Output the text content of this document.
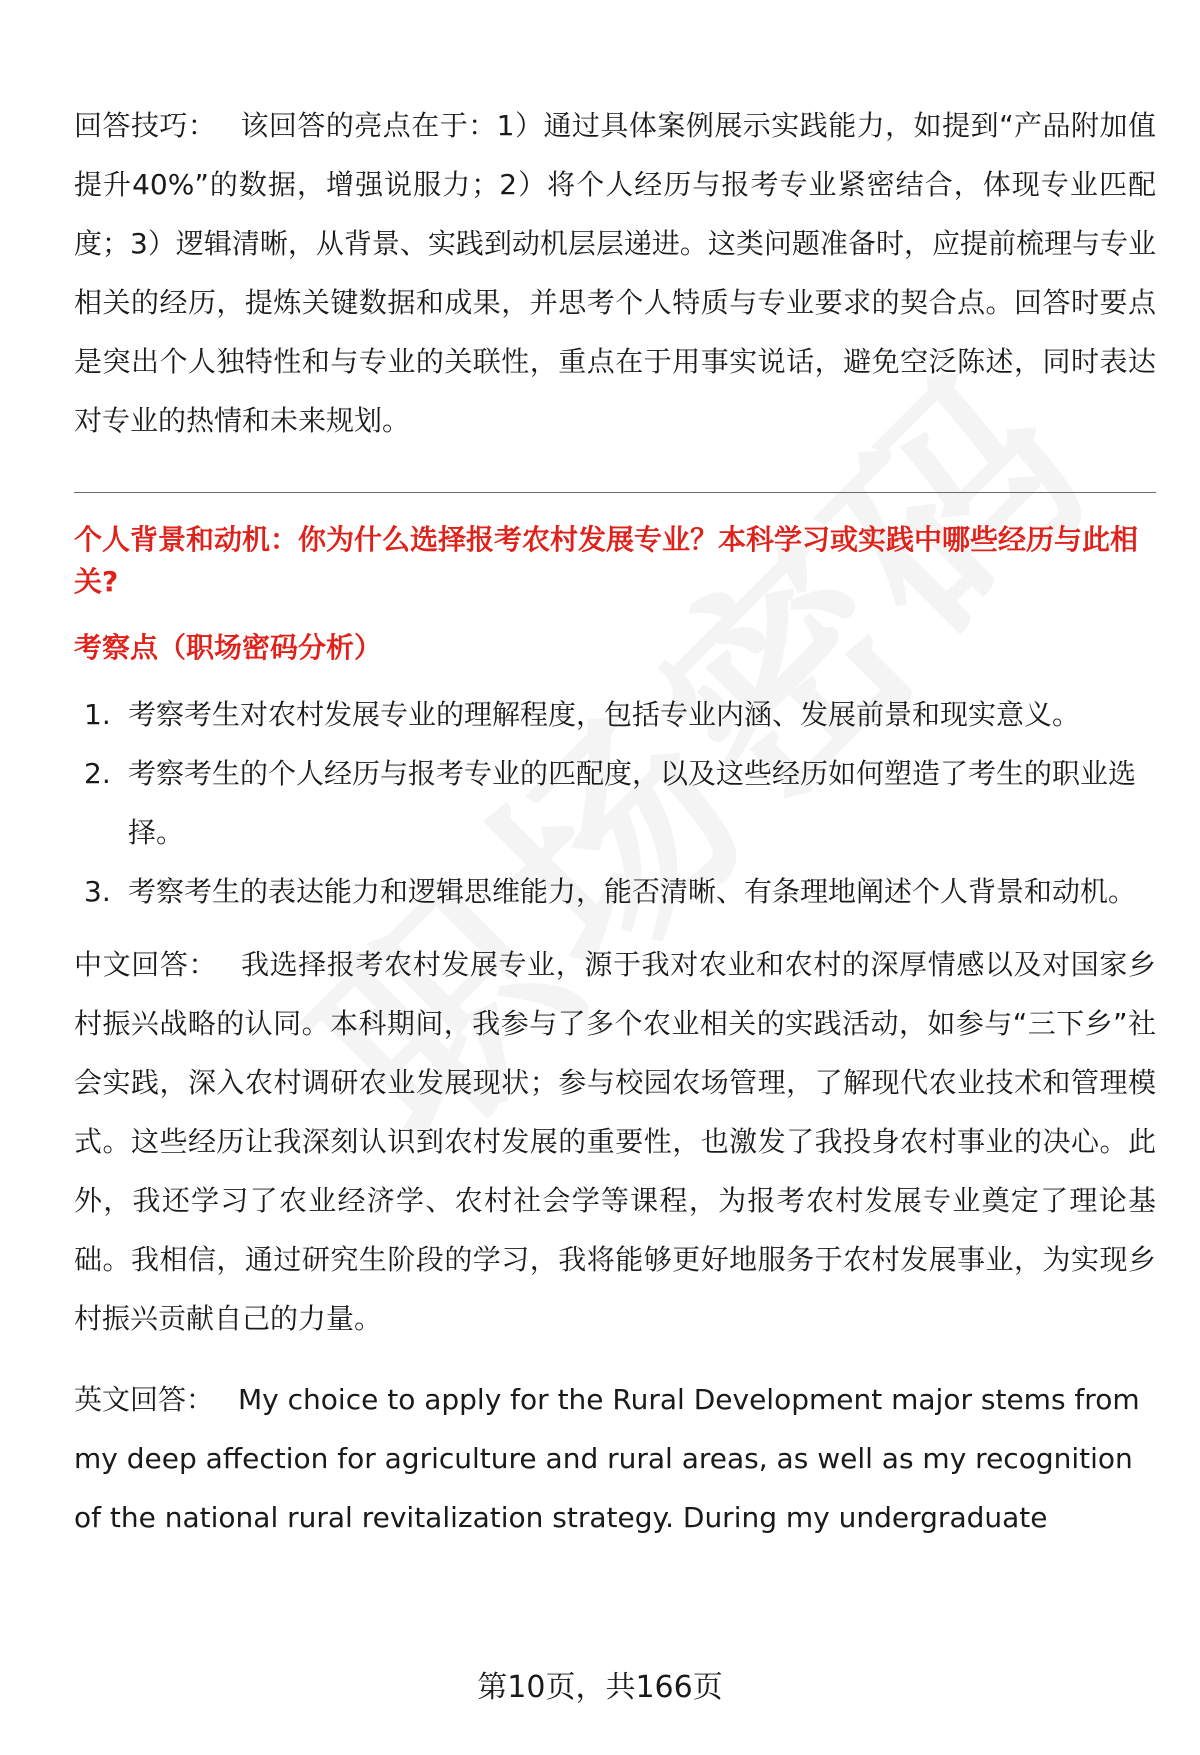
回答技巧： 该回答的亮点在于：1）通过具体案例展示实践能力，如提到“产品附加值提升40%”的数据，增强说服力；2）将个人经历与报考专业紧密结合，体现专业匹配度；3）逻辑清晰，从背景、实践到动机层层递进。这类问题准备时，应提前梳理与专业相关的经历，提炼关键数据和成果，并思考个人特质与专业要求的契合点。回答时要点是突出个人独特性和与专业的关联性，重点在于用事实说话，避免空泛陈述，同时表达对专业的热情和未来规划。

个人背景和动机：你为什么选择报考农村发展专业？本科学习或实践中哪些经历与此相关?
考察点（职场密码分析）
1. 考察考生对农村发展专业的理解程度，包括专业内涵、发展前景和现实意义。
2. 考察考生的个人经历与报考专业的匹配度，以及这些经历如何塑造了考生的职业选择。
3. 考察考生的表达能力和逻辑思维能力，能否清晰、有条理地阐述个人背景和动机。

中文回答： 我选择报考农村发展专业，源于我对农业和农村的深厚情感以及对国家乡村振兴战略的认同。本科期间，我参与了多个农业相关的实践活动，如参与“三下乡”社会实践，深入农村调研农业发展现状；参与校园农场管理，了解现代农业技术和管理模式。这些经历让我深刻认识到农村发展的重要性，也激发了我投身农村事业的决心。此外，我还学习了农业经济学、农村社会学等课程，为报考农村发展专业奠定了理论基础。我相信，通过研究生阶段的学习，我将能够更好地服务于农村发展事业，为实现乡村振兴贡献自己的力量。

英文回答： My choice to apply for the Rural Development major stems from my deep affection for agriculture and rural areas, as well as my recognition of the national rural revitalization strategy. During my undergraduate

第10页，共166页
